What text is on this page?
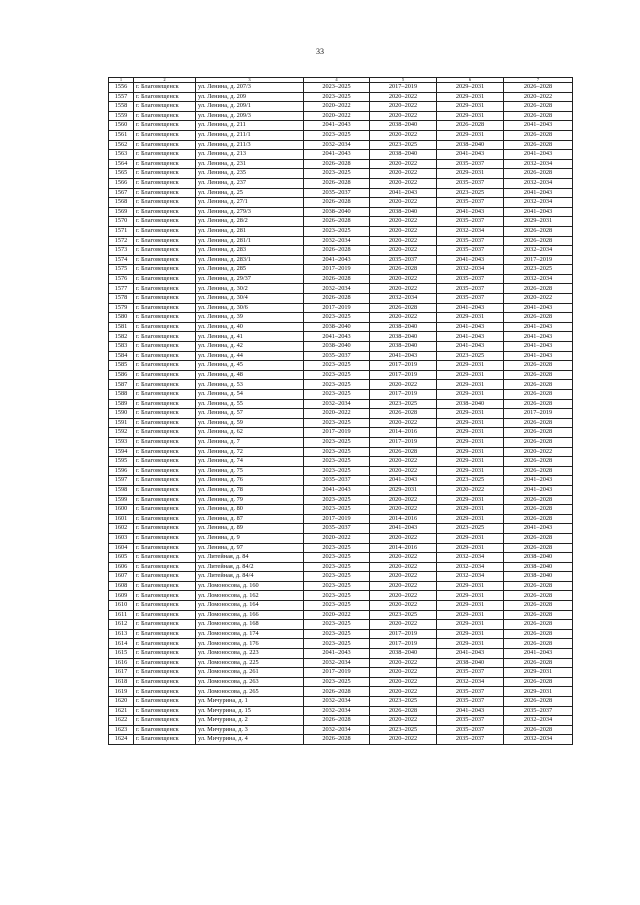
33
1	2	3	4	5	6	7
1556	г. Благовещенск	ул. Ленина, д. 207/3	2023–2025	2017–2019	2029–2031	2026–2028
1557	г. Благовещенск	ул. Ленина, д. 209	2023–2025	2020–2022	2029–2031	2020–2022
1558	г. Благовещенск	ул. Ленина, д. 209/1	2020–2022	2020–2022	2029–2031	2026–2028
1559	г. Благовещенск	ул. Ленина, д. 209/3	2020–2022	2020–2022	2029–2031	2026–2028
1560	г. Благовещенск	ул. Ленина, д. 211	2041–2043	2038–2040	2026–2028	2041–2043
1561	г. Благовещенск	ул. Ленина, д. 211/1	2023–2025	2020–2022	2029–2031	2026–2028
1562	г. Благовещенск	ул. Ленина, д. 211/3	2032–2034	2023–2025	2038–2040	2026–2028
1563	г. Благовещенск	ул. Ленина, д. 213	2041–2043	2038–2040	2041–2043	2041–2043
1564	г. Благовещенск	ул. Ленина, д. 231	2026–2028	2020–2022	2035–2037	2032–2034
1565	г. Благовещенск	ул. Ленина, д. 235	2023–2025	2020–2022	2029–2031	2026–2028
1566	г. Благовещенск	ул. Ленина, д. 237	2026–2028	2020–2022	2035–2037	2032–2034
1567	г. Благовещенск	ул. Ленина, д. 25	2035–2037	2041–2043	2023–2025	2041–2043
1568	г. Благовещенск	ул. Ленина, д. 27/1	2026–2028	2020–2022	2035–2037	2032–2034
1569	г. Благовещенск	ул. Ленина, д. 279/3	2038–2040	2038–2040	2041–2043	2041–2043
1570	г. Благовещенск	ул. Ленина, д. 28/2	2026–2028	2020–2022	2035–2037	2029–2031
1571	г. Благовещенск	ул. Ленина, д. 281	2023–2025	2020–2022	2032–2034	2026–2028
1572	г. Благовещенск	ул. Ленина, д. 281/1	2032–2034	2020–2022	2035–2037	2026–2028
1573	г. Благовещенск	ул. Ленина, д. 283	2026–2028	2020–2022	2035–2037	2032–2034
1574	г. Благовещенск	ул. Ленина, д. 283/1	2041–2043	2035–2037	2041–2043	2017–2019
1575	г. Благовещенск	ул. Ленина, д. 285	2017–2019	2026–2028	2032–2034	2023–2025
1576	г. Благовещенск	ул. Ленина, д. 29/37	2026–2028	2020–2022	2035–2037	2032–2034
1577	г. Благовещенск	ул. Ленина, д. 30/2	2032–2034	2020–2022	2035–2037	2026–2028
1578	г. Благовещенск	ул. Ленина, д. 30/4	2026–2028	2032–2034	2035–2037	2020–2022
1579	г. Благовещенск	ул. Ленина, д. 30/6	2017–2019	2026–2028	2041–2043	2041–2043
1580	г. Благовещенск	ул. Ленина, д. 39	2023–2025	2020–2022	2029–2031	2026–2028
1581	г. Благовещенск	ул. Ленина, д. 40	2038–2040	2038–2040	2041–2043	2041–2043
1582	г. Благовещенск	ул. Ленина, д. 41	2041–2043	2038–2040	2041–2043	2041–2043
1583	г. Благовещенск	ул. Ленина, д. 42	2038–2040	2038–2040	2041–2043	2041–2043
1584	г. Благовещенск	ул. Ленина, д. 44	2035–2037	2041–2043	2023–2025	2041–2043
1585	г. Благовещенск	ул. Ленина, д. 45	2023–2025	2017–2019	2029–2031	2026–2028
1586	г. Благовещенск	ул. Ленина, д. 48	2023–2025	2017–2019	2029–2031	2026–2028
1587	г. Благовещенск	ул. Ленина, д. 53	2023–2025	2020–2022	2029–2031	2026–2028
1588	г. Благовещенск	ул. Ленина, д. 54	2023–2025	2017–2019	2029–2031	2026–2028
1589	г. Благовещенск	ул. Ленина, д. 55	2032–2034	2023–2025	2038–2040	2026–2028
1590	г. Благовещенск	ул. Ленина, д. 57	2020–2022	2026–2028	2029–2031	2017–2019
1591	г. Благовещенск	ул. Ленина, д. 59	2023–2025	2020–2022	2029–2031	2026–2028
1592	г. Благовещенск	ул. Ленина, д. 62	2017–2019	2014–2016	2029–2031	2026–2028
1593	г. Благовещенск	ул. Ленина, д. 7	2023–2025	2017–2019	2029–2031	2026–2028
1594	г. Благовещенск	ул. Ленина, д. 72	2023–2025	2026–2028	2029–2031	2020–2022
1595	г. Благовещенск	ул. Ленина, д. 74	2023–2025	2020–2022	2029–2031	2026–2028
1596	г. Благовещенск	ул. Ленина, д. 75	2023–2025	2020–2022	2029–2031	2026–2028
1597	г. Благовещенск	ул. Ленина, д. 76	2035–2037	2041–2043	2023–2025	2041–2043
1598	г. Благовещенск	ул. Ленина, д. 78	2041–2043	2029–2031	2020–2022	2041–2043
1599	г. Благовещенск	ул. Ленина, д. 79	2023–2025	2020–2022	2029–2031	2026–2028
1600	г. Благовещенск	ул. Ленина, д. 80	2023–2025	2020–2022	2029–2031	2026–2028
1601	г. Благовещенск	ул. Ленина, д. 87	2017–2019	2014–2016	2029–2031	2026–2028
1602	г. Благовещенск	ул. Ленина, д. 89	2035–2037	2041–2043	2023–2025	2041–2043
1603	г. Благовещенск	ул. Ленина, д. 9	2020–2022	2020–2022	2029–2031	2026–2028
1604	г. Благовещенск	ул. Ленина, д. 97	2023–2025	2014–2016	2029–2031	2026–2028
1605	г. Благовещенск	ул. Литейная, д. 84	2023–2025	2020–2022	2032–2034	2038–2040
1606	г. Благовещенск	ул. Литейная, д. 84/2	2023–2025	2020–2022	2032–2034	2038–2040
1607	г. Благовещенск	ул. Литейная, д. 84/4	2023–2025	2020–2022	2032–2034	2038–2040
1608	г. Благовещенск	ул. Ломоносова, д. 160	2023–2025	2020–2022	2029–2031	2026–2028
1609	г. Благовещенск	ул. Ломоносова, д. 162	2023–2025	2020–2022	2029–2031	2026–2028
1610	г. Благовещенск	ул. Ломоносова, д. 164	2023–2025	2020–2022	2029–2031	2026–2028
1611	г. Благовещенск	ул. Ломоносова, д. 166	2020–2022	2023–2025	2029–2031	2026–2028
1612	г. Благовещенск	ул. Ломоносова, д. 168	2023–2025	2020–2022	2029–2031	2026–2028
1613	г. Благовещенск	ул. Ломоносова, д. 174	2023–2025	2017–2019	2029–2031	2026–2028
1614	г. Благовещенск	ул. Ломоносова, д. 176	2023–2025	2017–2019	2029–2031	2026–2028
1615	г. Благовещенск	ул. Ломоносова, д. 223	2041–2043	2038–2040	2041–2043	2041–2043
1616	г. Благовещенск	ул. Ломоносова, д. 225	2032–2034	2020–2022	2038–2040	2026–2028
1617	г. Благовещенск	ул. Ломоносова, д. 261	2017–2019	2020–2022	2035–2037	2029–2031
1618	г. Благовещенск	ул. Ломоносова, д. 263	2023–2025	2020–2022	2032–2034	2026–2028
1619	г. Благовещенск	ул. Ломоносова, д. 265	2026–2028	2020–2022	2035–2037	2029–2031
1620	г. Благовещенск	ул. Мичурина, д. 1	2032–2034	2023–2025	2035–2037	2026–2028
1621	г. Благовещенск	ул. Мичурина, д. 15	2032–2034	2026–2028	2041–2043	2035–2037
1622	г. Благовещенск	ул. Мичурина, д. 2	2026–2028	2020–2022	2035–2037	2032–2034
1623	г. Благовещенск	ул. Мичурина, д. 3	2032–2034	2023–2025	2035–2037	2026–2028
1624	г. Благовещенск	ул. Мичурина, д. 4	2026–2028	2020–2022	2035–2037	2032–2034
